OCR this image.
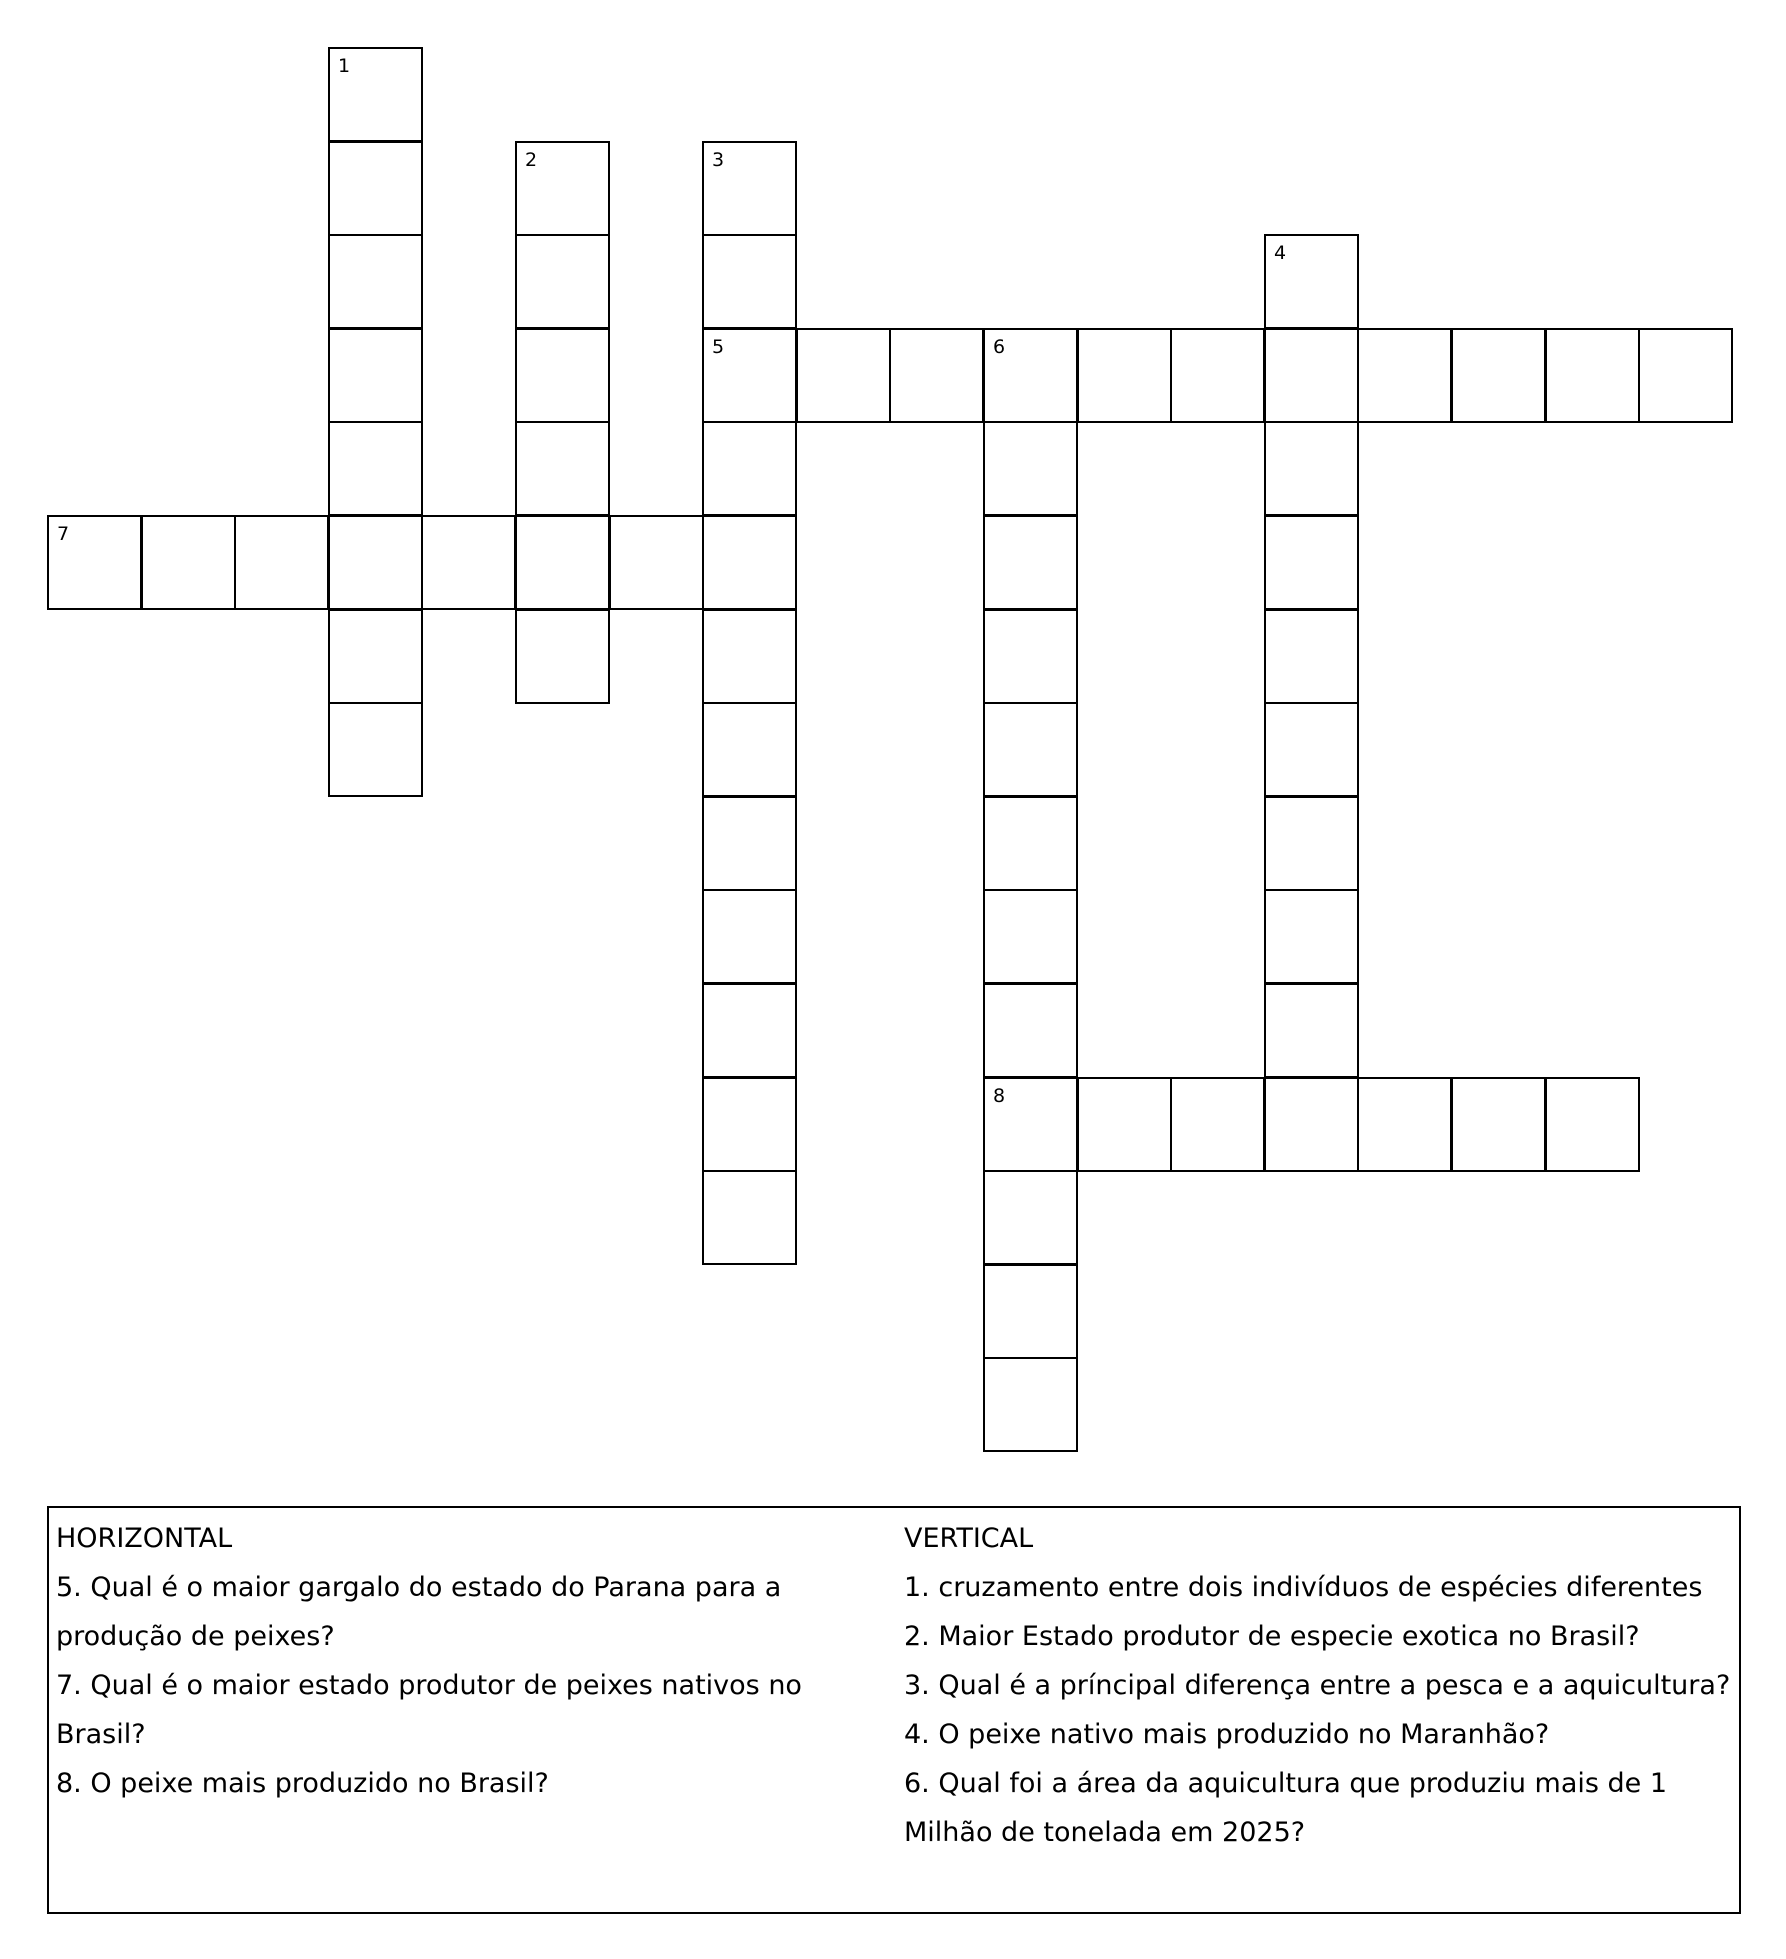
1
2	3
5
4
6
8
7
HORIZONTAL
5. Qual é o maior gargalo do estado do Parana para a
produção de peixes?
7. Qual é o maior estado produtor de peixes nativos no
Brasil?
8. O peixe mais produzido no Brasil?
VERTICAL
1. cruzamento entre dois indivíduos de espécies diferentes
2. Maior Estado produtor de especie exotica no Brasil?
3. Qual é a príncipal diferença entre a pesca e a aquicultura?
4. O peixe nativo mais produzido no Maranhão?
6. Qual foi a área da aquicultura que produziu mais de 1
Milhão de tonelada em 2025?
